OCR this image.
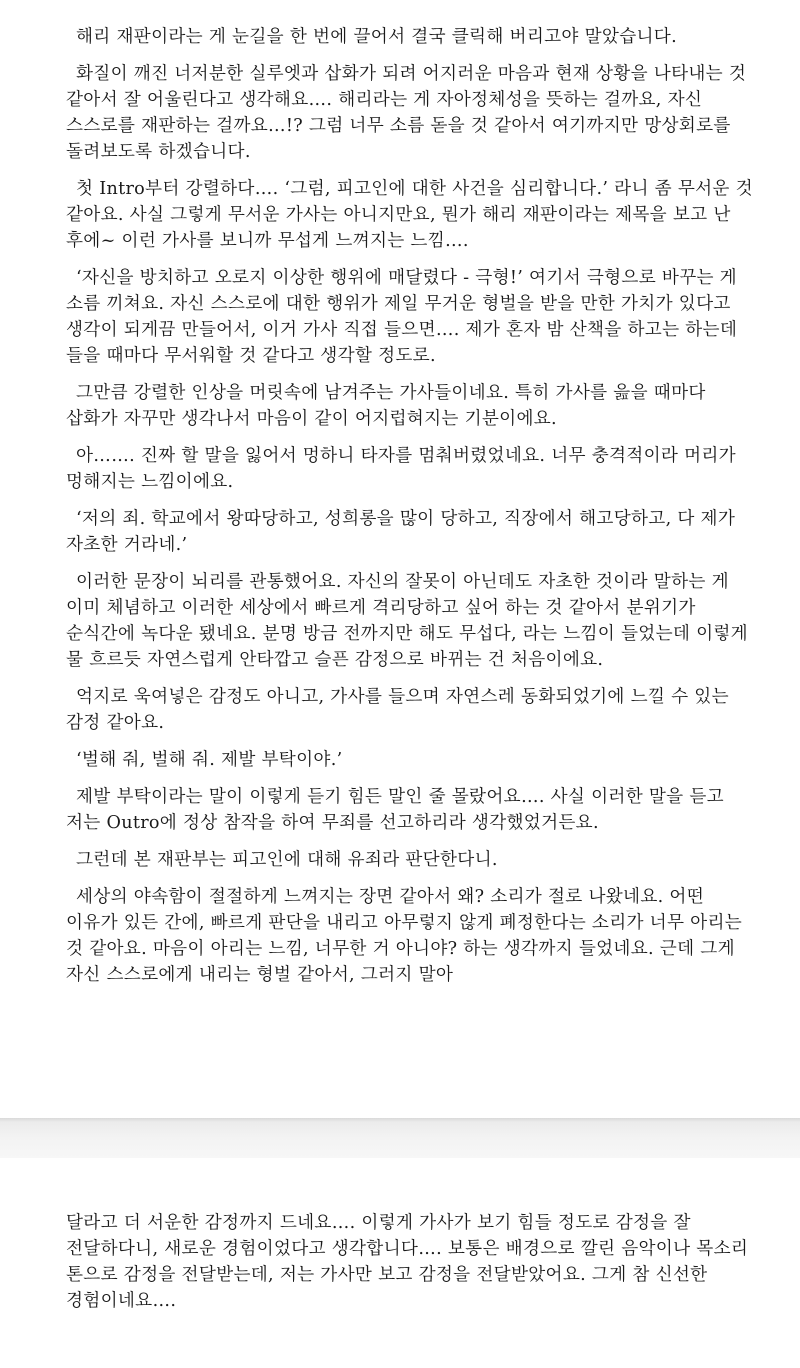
해리 재판이라는 게 눈길을 한 번에 끌어서 결국 클릭해 버리고야 말았습니다.

화질이 깨진 너저분한 실루엣과 삽화가 되려 어지러운 마음과 현재 상황을 나타내는 것 같아서 잘 어울린다고 생각해요…. 해리라는 게 자아정체성을 뜻하는 걸까요, 자신 스스로를 재판하는 걸까요…!? 그럼 너무 소름 돋을 것 같아서 여기까지만 망상회로를 돌려보도록 하겠습니다.

첫 Intro부터 강렬하다…. ‘그럼, 피고인에 대한 사건을 심리합니다.’ 라니 좀 무서운 것 같아요. 사실 그렇게 무서운 가사는 아니지만요, 뭔가 해리 재판이라는 제목을 보고 난 후에~ 이런 가사를 보니까 무섭게 느껴지는 느낌….

‘자신을 방치하고 오로지 이상한 행위에 매달렸다 - 극형!’ 여기서 극형으로 바꾸는 게 소름 끼쳐요. 자신 스스로에 대한 행위가 제일 무거운 형벌을 받을 만한 가치가 있다고 생각이 되게끔 만들어서, 이거 가사 직접 들으면…. 제가 혼자 밤 산책을 하고는 하는데 들을 때마다 무서워할 것 같다고 생각할 정도로.

그만큼 강렬한 인상을 머릿속에 남겨주는 가사들이네요. 특히 가사를 읊을 때마다 삽화가 자꾸만 생각나서 마음이 같이 어지럽혀지는 기분이에요.

아……. 진짜 할 말을 잃어서 멍하니 타자를 멈춰버렸었네요. 너무 충격적이라 머리가 멍해지는 느낌이에요.

‘저의 죄. 학교에서 왕따당하고, 성희롱을 많이 당하고, 직장에서 해고당하고, 다 제가 자초한 거라네.’

이러한 문장이 뇌리를 관통했어요. 자신의 잘못이 아닌데도 자초한 것이라 말하는 게 이미 체념하고 이러한 세상에서 빠르게 격리당하고 싶어 하는 것 같아서 분위기가 순식간에 녹다운 됐네요. 분명 방금 전까지만 해도 무섭다, 라는 느낌이 들었는데 이렇게 물 흐르듯 자연스럽게 안타깝고 슬픈 감정으로 바뀌는 건 처음이에요.

억지로 욱여넣은 감정도 아니고, 가사를 들으며 자연스레 동화되었기에 느낄 수 있는 감정 같아요.

‘벌해 줘, 벌해 줘. 제발 부탁이야.’

제발 부탁이라는 말이 이렇게 듣기 힘든 말인 줄 몰랐어요…. 사실 이러한 말을 듣고 저는 Outro에 정상 참작을 하여 무죄를 선고하리라 생각했었거든요.

그런데 본 재판부는 피고인에 대해 유죄라 판단한다니.

세상의 야속함이 절절하게 느껴지는 장면 같아서 왜? 소리가 절로 나왔네요. 어떤 이유가 있든 간에, 빠르게 판단을 내리고 아무렇지 않게 폐정한다는 소리가 너무 아리는 것 같아요. 마음이 아리는 느낌, 너무한 거 아니야? 하는 생각까지 들었네요. 근데 그게 자신 스스로에게 내리는 형벌 같아서, 그러지 말아

달라고 더 서운한 감정까지 드네요…. 이렇게 가사가 보기 힘들 정도로 감정을 잘 전달하다니, 새로운 경험이었다고 생각합니다…. 보통은 배경으로 깔린 음악이나 목소리 톤으로 감정을 전달받는데, 저는 가사만 보고 감정을 전달받았어요. 그게 참 신선한 경험이네요….
